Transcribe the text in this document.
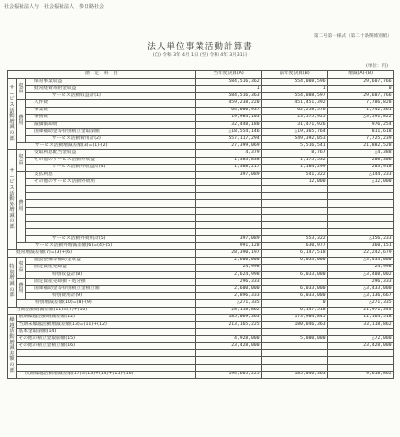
社会福祉法人与　社会福祉法人　参日路社会
第二号第一様式（第二十条関係別紙）
法人単位事業活動計算書
(自) 令和 3年 4月 1日 (至) 令和 4年 3月31日
(単位：円)
勘　定　科　目			当年度決算(A)	前年度決算(B)	増減(A)-(B)
サービス活動増減の部	収益	保育事業収益	584,516,362	554,008,596	29,607,766
		経常経費寄附金収益	1	1	0
		サービス活動収益計(1)	584,516,363	554,008,597	29,607,766
	費用	人件費	459,238,220	451,451,392	7,786,828
		事業費	64,000,937	62,258,576	1,742,361
		事務費	19,984,103	23,575,925	△3,591,822
		減価償却費	32,448,180	31,471,926	976,254
		国庫補助金等特別積立金取崩額	△18,554,146	△19,365,764	811,618
		サービス活動費用計(2)	557,117,294	549,392,053	7,725,239
	サービス活動増減差額(3)=(1)-(2)		27,399,069	5,516,541	21,882,528
サービス活動外増減の部	収益	受取利息配当金収益	4,379	8,767	△4,388
		その他のサービス活動外収益	1,383,838	1,175,532	208,306
		サービス活動外収益計(4)	1,388,217	1,184,299	203,918
	費用	支払利息	397,089	541,322	△144,233
		その他のサービス活動外費用		12,000	△12,000

		サービス活動外費用計(5)	397,089	553,322	△156,233
	サービス活動外増減差額(6)=(4)-(5)		991,128	630,977	360,151
経常増減差額(7)=(3)+(6)			28,390,197	6,147,518	22,242,679
特別増減の部	収益	施設整備等補助金収益	2,600,000	6,033,000	△3,433,000
		固定資産売却益	24,998		24,998
		特別収益計(8)	2,624,998	6,033,000	△3,408,002
	費用	固定資産売却損・処分損	296,333		296,333
		国庫補助金等特別積立金積立額	2,600,000	6,033,000	△3,433,000
		特別費用計(9)	2,896,333	6,033,000	△3,136,667
	特別増減差額(10)=(8)-(9)		△271,335	0	△271,335
当期活動増減差額(11)=(7)+(10)			28,118,862	6,147,518	21,971,344
繰越活動増減差額の部	前期繰越活動増減差額(12)		185,069,363	173,904,845	11,164,518
	当期末繰越活動増減差額(13)=(11)+(12)		213,165,225	180,046,363	33,118,862
	基本金取崩額(14)				
	その他の積立金取崩額(15)		4,928,000	5,000,000	△72,000
	その他の積立金積立額(16)		23,428,000		23,428,000

	次期繰越活動増減差額(17)=(13)+(14)+(15)-(16)		194,665,225	185,046,363	9,618,862
